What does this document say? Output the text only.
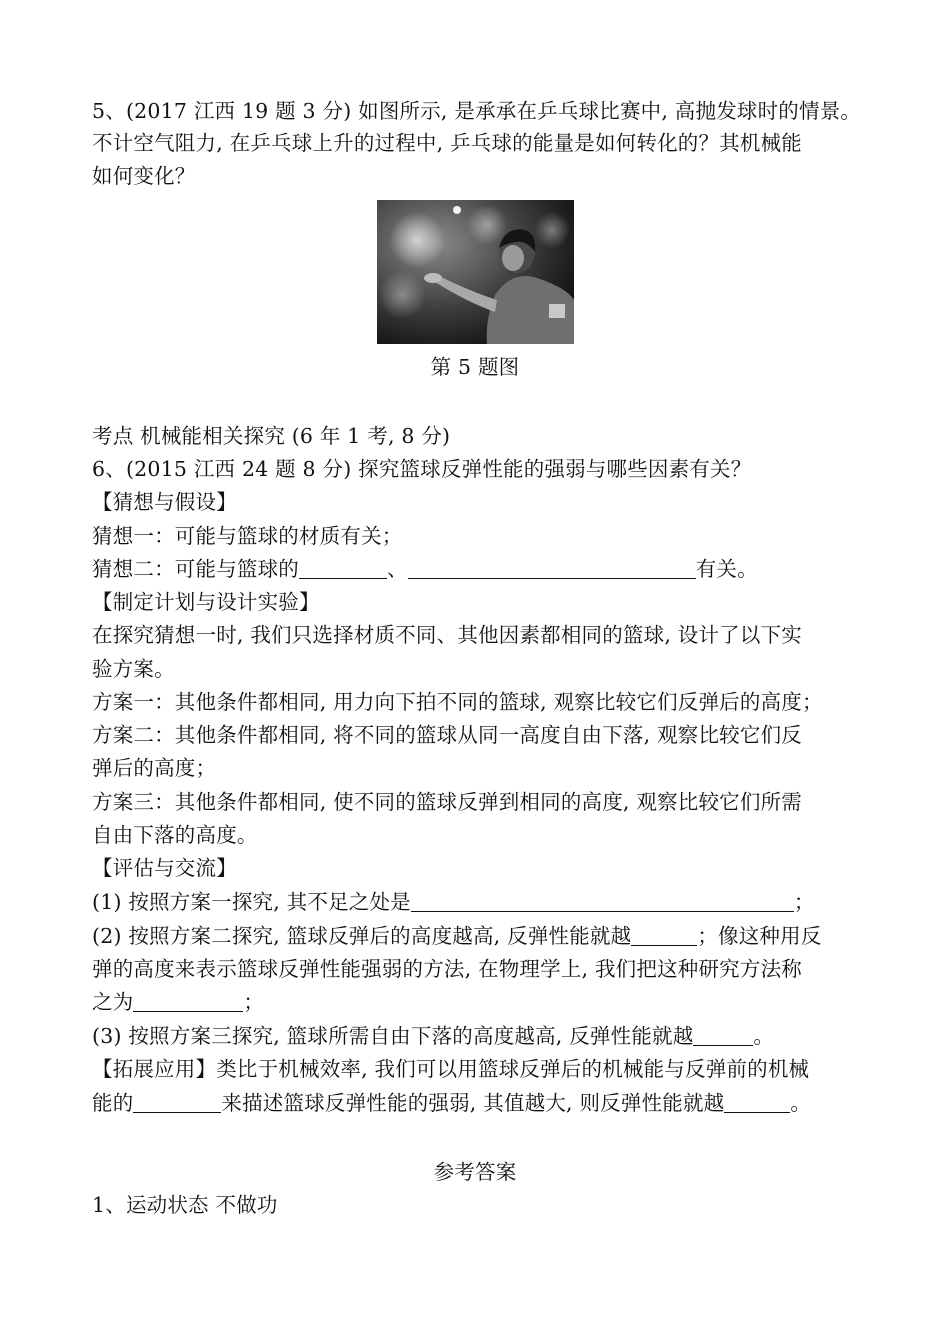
5、(2017 江西 19 题 3 分) 如图所示, 是承承在乒乓球比赛中, 高抛发球时的情景。
不计空气阻力, 在乒乓球上升的过程中, 乒乓球的能量是如何转化的？其机械能
如何变化？
第 5 题图
考点 机械能相关探究 (6 年 1 考, 8 分)
6、(2015 江西 24 题 8 分) 探究篮球反弹性能的强弱与哪些因素有关？
【猜想与假设】
猜想一：可能与篮球的材质有关；
猜想二：可能与篮球的	、	有关。
【制定计划与设计实验】
在探究猜想一时, 我们只选择材质不同、其他因素都相同的篮球, 设计了以下实
验方案。
方案一：其他条件都相同, 用力向下拍不同的篮球, 观察比较它们反弹后的高度；
方案二：其他条件都相同, 将不同的篮球从同一高度自由下落, 观察比较它们反
弹后的高度；
方案三：其他条件都相同, 使不同的篮球反弹到相同的高度, 观察比较它们所需
自由下落的高度。
【评估与交流】
(1) 按照方案一探究, 其不足之处是	；
(2) 按照方案二探究, 篮球反弹后的高度越高, 反弹性能就越	；像这种用反
弹的高度来表示篮球反弹性能强弱的方法, 在物理学上, 我们把这种研究方法称
之为	；
(3) 按照方案三探究, 篮球所需自由下落的高度越高, 反弹性能就越	。
【拓展应用】类比于机械效率, 我们可以用篮球反弹后的机械能与反弹前的机械
能的	来描述篮球反弹性能的强弱, 其值越大, 则反弹性能就越	。
参考答案
1、运动状态 不做功
